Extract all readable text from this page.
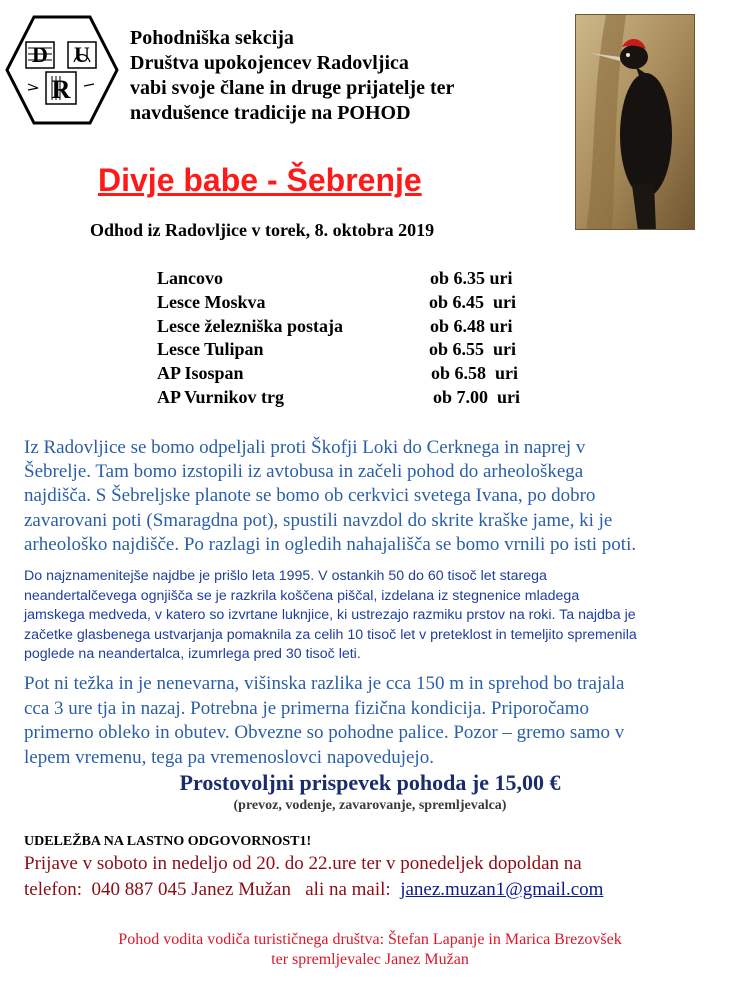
D U
R
Pohodniška sekcija
Društva upokojencev Radovljica
vabi svoje člane in druge prijatelje ter
navdušence tradicije na POHOD
Divje babe - Šebrenje
Odhod iz Radovljice v torek, 8. oktobra 2019
Lancovo	ob 6.35 uri
Lesce Moskva	ob 6.45  uri
Lesce železniška postaja	ob 6.48 uri
Lesce Tulipan	ob 6.55  uri
AP Isospan	ob 6.58  uri
AP Vurnikov trg	ob 7.00  uri
Iz Radovljice se bomo odpeljali proti Škofji Loki do Cerknega in naprej v
Šebrelje. Tam bomo izstopili iz avtobusa in začeli pohod do arheološkega
najdišča. S Šebreljske planote se bomo ob cerkvici svetega Ivana, po dobro
zavarovani poti (Smaragdna pot), spustili navzdol do skrite kraške jame, ki je
arheološko najdišče. Po razlagi in ogledih nahajališča se bomo vrnili po isti poti.
Do najznamenitejše najdbe je prišlo leta 1995. V ostankih 50 do 60 tisoč let starega
neandertalčevega ognjišča se je razkrila koščena piščal, izdelana iz stegnenice mladega
jamskega medveda, v katero so izvrtane luknjice, ki ustrezajo razmiku prstov na roki. Ta najdba je
začetke glasbenega ustvarjanja pomaknila za celih 10 tisoč let v preteklost in temeljito spremenila
poglede na neandertalca, izumrlega pred 30 tisoč leti.
Pot ni težka in je nenevarna, višinska razlika je cca 150 m in sprehod bo trajala
cca 3 ure tja in nazaj. Potrebna je primerna fizična kondicija. Priporočamo
primerno obleko in obutev. Obvezne so pohodne palice. Pozor – gremo samo v
lepem vremenu, tega pa vremenoslovci napovedujejo.
Prostovoljni prispevek pohoda je 15,00 €
(prevoz, vodenje, zavarovanje, spremljevalca)
UDELEŽBA NA LASTNO ODGOVORNOST1!
Prijave v soboto in nedeljo od 20. do 22.ure ter v ponedeljek dopoldan na
telefon:  040 887 045 Janez Mužan   ali na mail:  janez.muzan1@gmail.com
Pohod vodita vodiča turističnega društva: Štefan Lapanje in Marica Brezovšek
ter spremljevalec Janez Mužan
